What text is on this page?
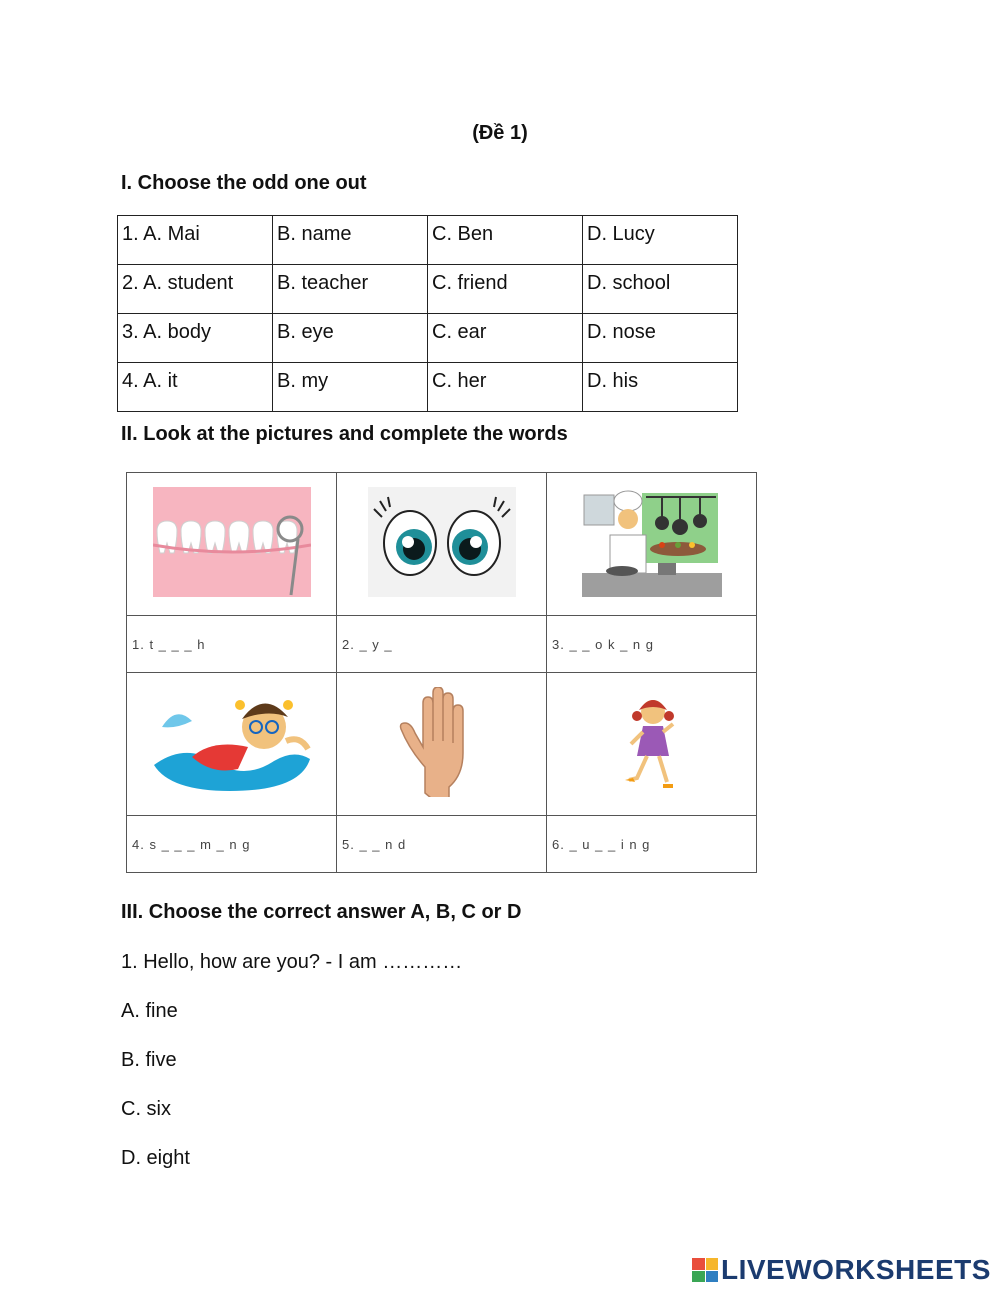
(Đề 1)
I. Choose the odd one out
1. A. Mai	B. name	C. Ben	D. Lucy
2. A. student	B. teacher	C. friend	D. school
3. A. body	B. eye	C. ear	D. nose
4. A. it	B. my	C. her	D. his
II. Look at the pictures and complete the words

1. t _ _ _ h	2. _ y _	3. _ _ o k _ n g

4. s _ _ _ m _ n g	5. _ _ n d	6. _ u _ _ i n g
III. Choose the correct answer A, B, C or D
1. Hello, how are you? - I am …………
A. fine
B. five
C. six
D. eight
LIVEWORKSHEETS
